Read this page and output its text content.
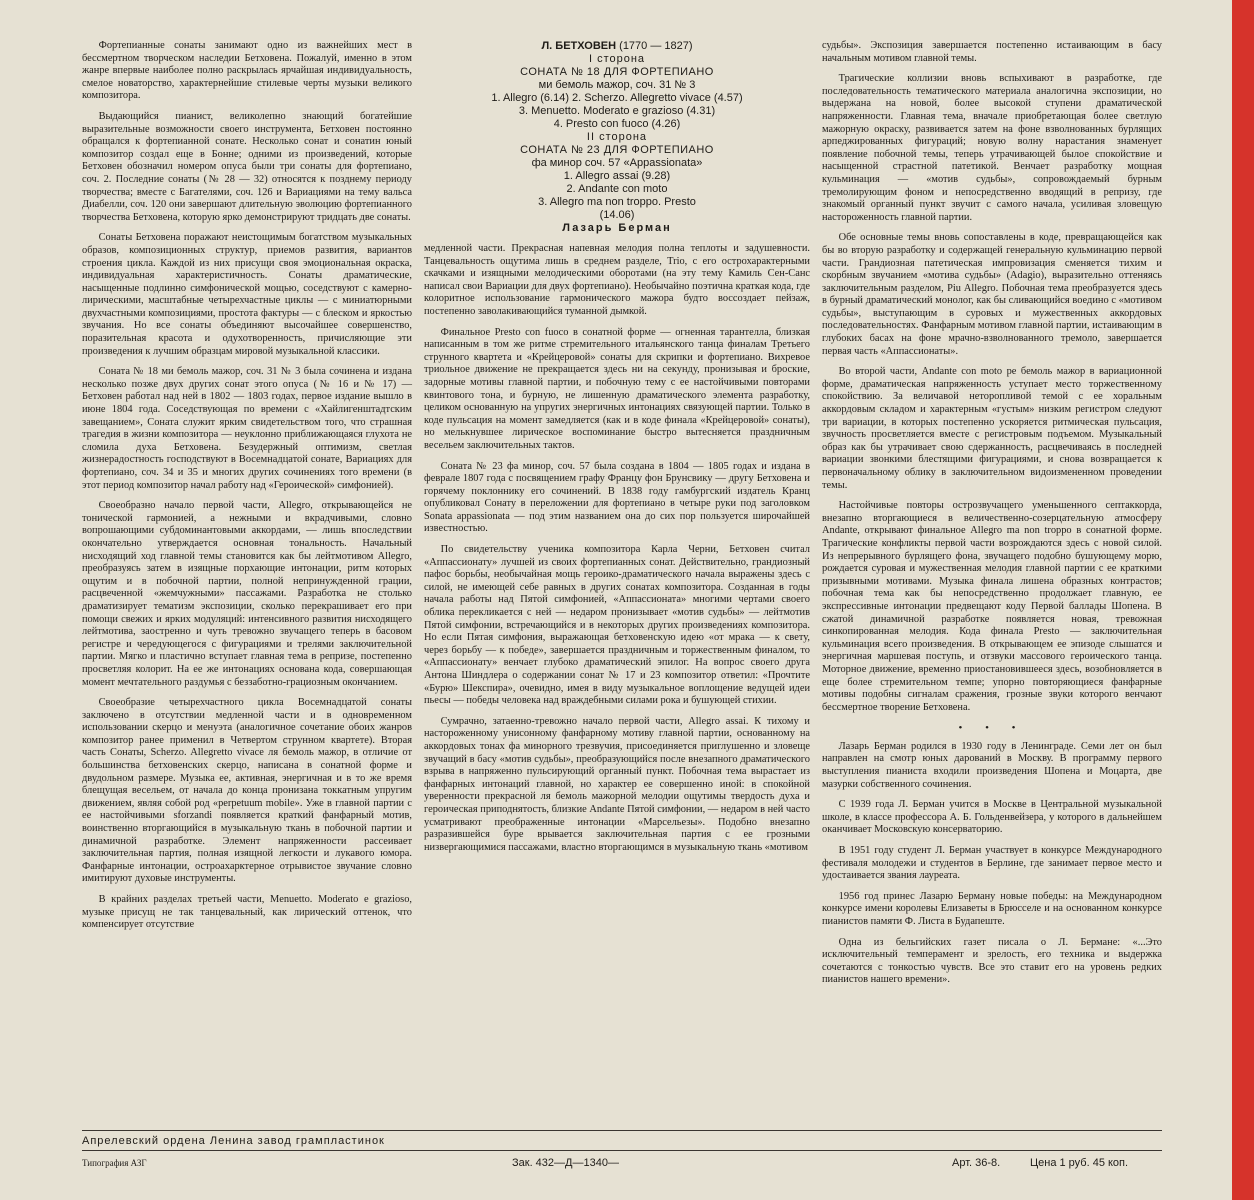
Фортепианные сонаты занимают одно из важнейших мест в бессмертном творческом наследии Бетховена. Пожалуй, именно в этом жанре впервые наиболее полно раскрылась ярчайшая индивидуальность, смелое новаторство, характернейшие стилевые черты музыки великого композитора.

Выдающийся пианист, великолепно знающий богатейшие выразительные возможности своего инструмента, Бетховен постоянно обращался к фортепианной сонате. Несколько сонат и сонатин юный композитор создал еще в Бонне; одними из произведений, которые Бетховен обозначил номером опуса были три сонаты для фортепиано, соч. 2. Последние сонаты (№ 28 — 32) относятся к позднему периоду творчества; вместе с Багателями, соч. 126 и Вариациями на тему вальса Диабелли, соч. 120 они завершают длительную эволюцию фортепианного творчества Бетховена, которую ярко демонстрируют тридцать две сонаты.

Сонаты Бетховена поражают неистощимым богатством музыкальных образов, композиционных структур, приемов развития, вариантов строения цикла. Каждой из них присущи своя эмоциональная окраска, индивидуальная характеристичность. Сонаты драматические, насыщенные подлинно симфонической мощью, соседствуют с камерно-лирическими, масштабные четырехчастные циклы — с миниатюрными двухчастными композициями, простота фактуры — с блеском и яркостью звучания. Но все сонаты объединяют высочайшее совершенство, поразительная красота и одухотворенность, причисляющие эти произведения к лучшим образцам мировой музыкальной классики.

Соната № 18 ми бемоль мажор, соч. 31 № 3 была сочинена и издана несколько позже двух других сонат этого опуса (№ 16 и № 17) — Бетховен работал над ней в 1802 — 1803 годах, первое издание вышло в июне 1804 года. Соседствующая по времени с «Хайлигенштадтским завещанием», Соната служит ярким свидетельством того, что страшная трагедия в жизни композитора — неуклонно приближающаяся глухота не сломила духа Бетховена. Безудержный оптимизм, светлая жизнерадостность господствуют в Восемнадцатой сонате, Вариациях для фортепиано, соч. 34 и 35 и многих других сочинениях того времени (в этот период композитор начал работу над «Героической» симфонией).

Своеобразно начало первой части, Allegro, открывающейся не тонической гармонией, а нежными и вкрадчивыми, словно вопрошающими субдоминантовыми аккордами, — лишь впоследствии окончательно утверждается основная тональность. Начальный нисходящий ход главной темы становится как бы лейтмотивом Allegro, преобразуясь затем в изящные порхающие интонации, ритм которых ощутим и в побочной партии, полной непринужденной грации, расцвеченной «жемчужными» пассажами. Разработка не столько драматизирует тематизм экспозиции, сколько перекрашивает его при помощи свежих и ярких модуляций: интенсивного развития нисходящего лейтмотива, заостренно и чуть тревожно звучащего теперь в басовом регистре и чередующегося с фигурациями и трелями заключительной партии. Мягко и пластично вступает главная тема в репризе, постепенно просветляя колорит. На ее же интонациях основана кода, совершающая момент мечтательного раздумья с беззаботно-грациозным окончанием.

Своеобразие четырехчастного цикла Восемнадцатой сонаты заключено в отсутствии медленной части и в одновременном использовании скерцо и менуэта (аналогичное сочетание обоих жанров композитор ранее применил в Четвертом струнном квартете). Вторая часть Сонаты, Scherzo. Allegretto vivace ля бемоль мажор, в отличие от большинства бетховенских скерцо, написана в сонатной форме и двудольном размере. Музыка ее, активная, энергичная и в то же время блещущая весельем, от начала до конца пронизана токкатным упругим движением, являя собой род «perpetuum mobile». Уже в главной партии с ее настойчивыми sforzandi появляется краткий фанфарный мотив, воинственно вторгающийся в музыкальную ткань в побочной партии и динамичной разработке. Элемент напряженности рассеивает заключительная партия, полная изящной легкости и лукавого юмора. Фанфарные интонации, остроахарктерное отрывистое звучание словно имитируют духовые инструменты.

В крайних разделах третьей части, Menuetto. Moderato e grazioso, музыке присущ не так танцевальный, как лирический оттенок, что компенсирует отсутствие

Л. БЕТХОВЕН (1770 — 1827)
I сторона
СОНАТА № 18 ДЛЯ ФОРТЕПИАНО
ми бемоль мажор, соч. 31 № 3
1. Allegro (6.14) 2. Scherzo. Allegretto vivace (4.57)
3. Menuetto. Moderato e grazioso (4.31)
4. Presto con fuoco (4.26)
II сторона
СОНАТА № 23 ДЛЯ ФОРТЕПИАНО
фа минор соч. 57 «Appassionata»
1. Allegro assai (9.28)
2. Andante con moto
3. Allegro ma non troppo. Presto
(14.06)
Лазарь Берман

медленной части. Прекрасная напевная мелодия полна теплоты и задушевности. Танцевальность ощутима лишь в среднем разделе, Trio, с его острохарактерными скачками и изящными мелодическими оборотами (на эту тему Камиль Сен-Санс написал свои Вариации для двух фортепиано). Необычайно поэтична краткая кода, где колоритное использование гармонического мажора будто воссоздает пейзаж, постепенно заволакивающийся туманной дымкой.

Финальное Presto con fuoco в сонатной форме — огненная тарантелла, близкая написанным в том же ритме стремительного итальянского танца финалам Третьего струнного квартета и «Крейцеровой» сонаты для скрипки и фортепиано. Вихревое триольное движение не прекращается здесь ни на секунду, пронизывая и броские, задорные мотивы главной партии, и побочную тему с ее настойчивыми повторами квинтового тона, и бурную, не лишенную драматического элемента разработку, целиком основанную на упругих энергичных интонациях связующей партии. Только в коде пульсация на момент замедляется (как и в коде финала «Крейцеровой» сонаты), но мелькнувшее лирическое воспоминание быстро вытесняется праздничным весельем заключительных тактов.

Соната № 23 фа минор, соч. 57 была создана в 1804 — 1805 годах и издана в феврале 1807 года с посвящением графу Францу фон Брунсвику — другу Бетховена и горячему поклоннику его сочинений. В 1838 году гамбургский издатель Кранц опубликовал Сонату в переложении для фортепиано в четыре руки под заголовком Sonata appassionata — под этим названием она до сих пор пользуется широчайшей известностью.

По свидетельству ученика композитора Карла Черни, Бетховен считал «Аппассионату» лучшей из своих фортепианных сонат. Действительно, грандиозный пафос борьбы, необычайная мощь героико-драматического начала выражены здесь с силой, не имеющей себе равных в других сонатах композитора. Созданная в годы начала работы над Пятой симфонией, «Аппассионата» многими чертами своего облика перекликается с ней — недаром пронизывает «мотив судьбы» — лейтмотив Пятой симфонии, встречающийся и в некоторых других произведениях композитора. Но если Пятая симфония, выражающая бетховенскую идею «от мрака — к свету, через борьбу — к победе», завершается праздничным и торжественным финалом, то «Аппассионату» венчает глубоко драматический эпилог. На вопрос своего друга Антона Шиндлера о содержании сонат № 17 и 23 композитор ответил: «Прочтите «Бурю» Шекспира», очевидно, имея в виду музыкальное воплощение ведущей идеи пьесы — победы человека над враждебными силами рока и бушующей стихии.

Сумрачно, затаенно-тревожно начало первой части, Allegro assai. К тихому и настороженному унисонному фанфарному мотиву главной партии, основанному на аккордовых тонах фа минорного трезвучия, присоединяется приглушенно и зловеще звучащий в басу «мотив судьбы», преобразующийся после внезапного драматического взрыва в напряженно пульсирующий органный пункт. Побочная тема вырастает из фанфарных интонаций главной, но характер ее совершенно иной: в спокойной уверенности прекрасной ля бемоль мажорной мелодии ощутимы твердость духа и героическая приподнятость, близкие Andante Пятой симфонии, — недаром в ней часто усматривают преображенные интонации «Марсельезы». Подобно внезапно разразившейся буре врывается заключительная партия с ее грозными низвергающимися пассажами, властно вторгающимся в музыкальную ткань «мотивом

судьбы». Экспозиция завершается постепенно истаивающим в басу начальным мотивом главной темы.

Трагические коллизии вновь вспыхивают в разработке, где последовательность тематического материала аналогична экспозиции, но выдержана на новой, более высокой ступени драматической напряженности. Главная тема, вначале приобретающая более светлую мажорную окраску, развивается затем на фоне взволнованных бурлящих арпеджированных фигураций; новую волну нарастания знаменует появление побочной темы, теперь утрачивающей былое спокойствие и насыщенной страстной патетикой. Венчает разработку мощная кульминация — «мотив судьбы», сопровождаемый бурным тремолирующим фоном и непосредственно вводящий в репризу, где знакомый органный пункт звучит с самого начала, усиливая зловещую настороженность главной партии.

Обе основные темы вновь сопоставлены в коде, превращающейся как бы во вторую разработку и содержащей генеральную кульминацию первой части. Грандиозная патетическая импровизация сменяется тихим и скорбным звучанием «мотива судьбы» (Adagio), выразительно оттеняясь заключительным разделом, Piu Allegro. Побочная тема преобразуется здесь в бурный драматический монолог, как бы сливающийся воедино с «мотивом судьбы», выступающим в суровых и мужественных аккордовых последовательностях. Фанфарным мотивом главной партии, истаивающим в глубоких басах на фоне мрачно-взволнованного тремоло, завершается первая часть «Аппассионаты».

Во второй части, Andante con moto ре бемоль мажор в вариационной форме, драматическая напряженность уступает место торжественному спокойствию. За величавой неторопливой темой с ее хоральным аккордовым складом и характерным «густым» низким регистром следуют три вариации, в которых постепенно ускоряется ритмическая пульсация, звучность просветляется вместе с регистровым подъемом. Музыкальный образ как бы утрачивает свою сдержанность, расцвечиваясь в последней вариации звонкими блестящими фигурациями, и снова возвращается к первоначальному облику в заключительном видоизмененном проведении темы.

Настойчивые повторы острозвучащего уменьшенного септаккорда, внезапно вторгающиеся в величественно-созерцательную атмосферу Andante, открывают финальное Allegro ma non troppo в сонатной форме. Трагические конфликты первой части возрождаются здесь с новой силой. Из непрерывного бурлящего фона, звучащего подобно бушующему морю, рождается суровая и мужественная мелодия главной партии с ее краткими призывными мотивами. Музыка финала лишена образных контрастов; побочная тема как бы непосредственно продолжает главную, ее экспрессивные интонации предвещают коду Первой баллады Шопена. В сжатой динамичной разработке появляется новая, тревожная синкопированная мелодия. Кода финала Presto — заключительная кульминация всего произведения. В открывающем ее эпизоде слышатся и энергичная маршевая поступь, и отзвуки массового героического танца. Моторное движение, временно приостановившееся здесь, возобновляется в еще более стремительном темпе; упорно повторяющиеся фанфарные мотивы подобны сигналам сражения, грозные звуки которого венчают бессмертное творение Бетховена.

• • •

Лазарь Берман родился в 1930 году в Ленинграде. Семи лет он был направлен на смотр юных дарований в Москву. В программу первого выступления пианиста входили произведения Шопена и Моцарта, две мазурки собственного сочинения.

С 1939 года Л. Берман учится в Москве в Центральной музыкальной школе, в классе профессора А. Б. Гольденвейзера, у которого в дальнейшем оканчивает Московскую консерваторию.

В 1951 году студент Л. Берман участвует в конкурсе Международного фестиваля молодежи и студентов в Берлине, где занимает первое место и удостаивается звания лауреата.

1956 год принес Лазарю Берману новые победы: на Международном конкурсе имени королевы Елизаветы в Брюсселе и на основанном конкурсе пианистов памяти Ф. Листа в Будапеште.

Одна из бельгийских газет писала о Л. Бермане: «...Это исключительный темперамент и зрелость, его техника и выдержка сочетаются с тонкостью чувств. Все это ставит его на уровень редких пианистов нашего времени».

Апрелевский ордена Ленина завод грампластинок
Типография АЗГ	Зак. 432—Д—1340—	Арт. 36-8.	Цена 1 руб. 45 коп.
